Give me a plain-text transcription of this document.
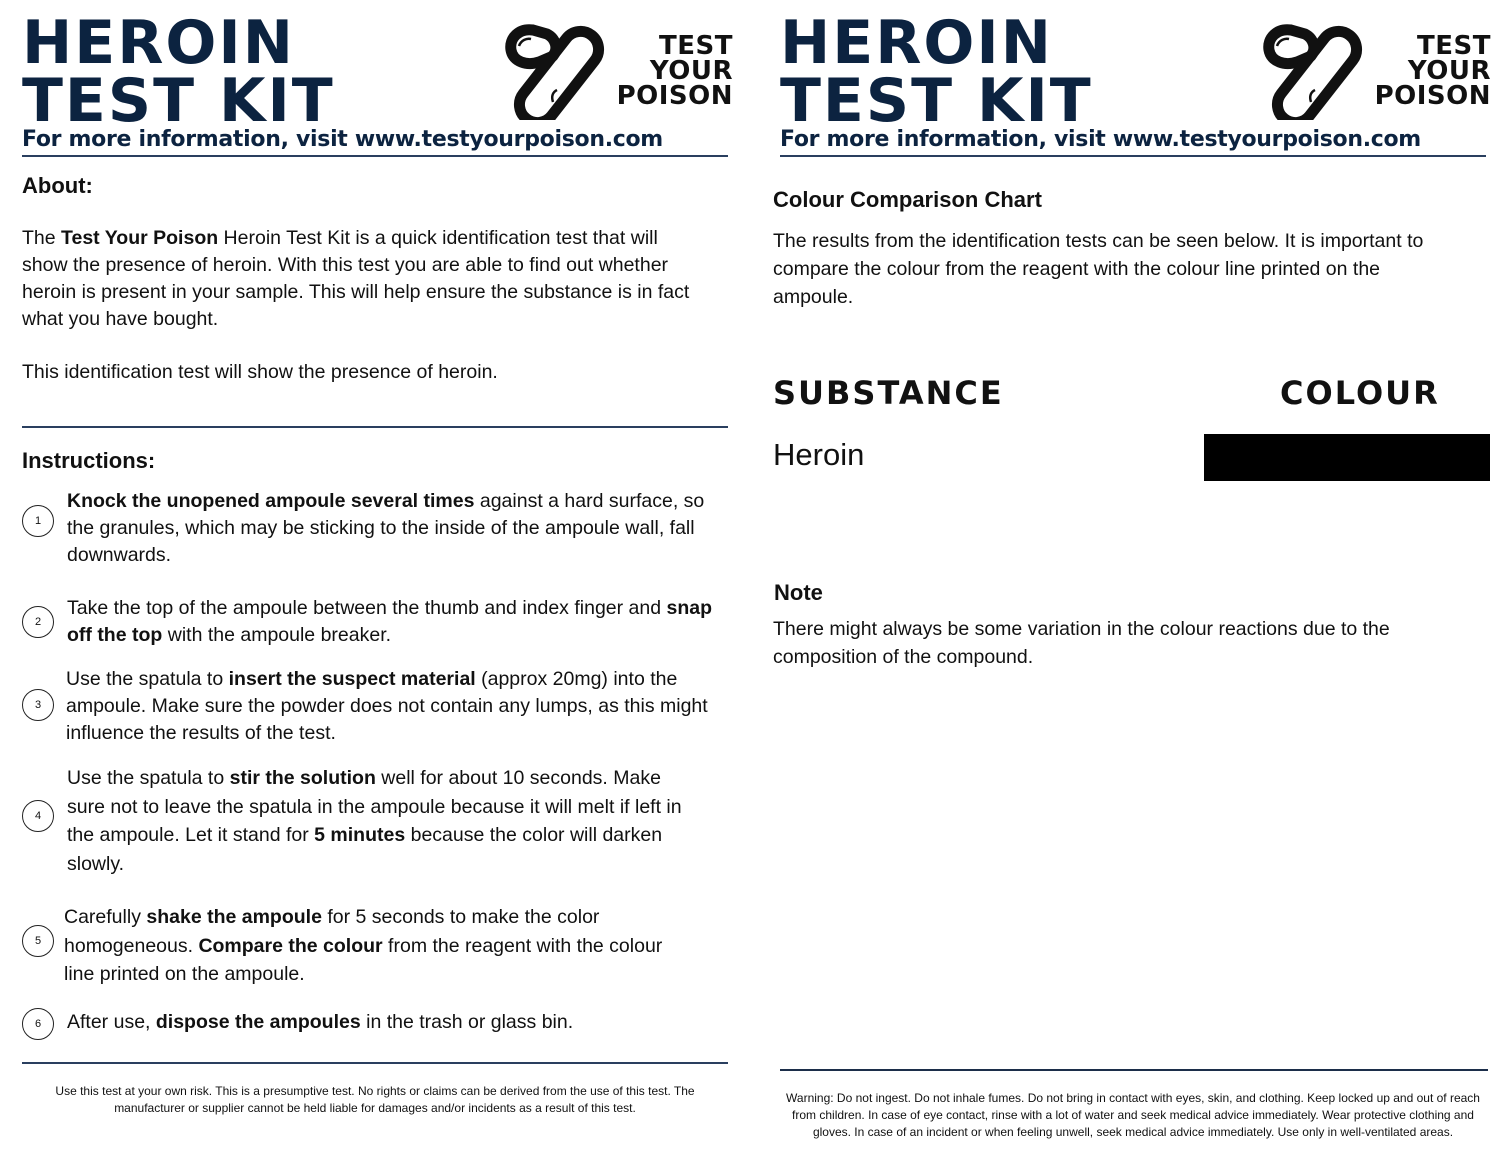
HEROIN
TEST KIT
TEST
YOUR
POISON
For more information, visit www.testyourpoison.com
About:
The Test Your Poison Heroin Test Kit is a quick identification test that will
show the presence of heroin. With this test you are able to find out whether
heroin is present in your sample. This will help ensure the substance is in fact
what you have bought.
This identification test will show the presence of heroin.
Instructions:
1
Knock the unopened ampoule several times against a hard surface, so
the granules, which may be sticking to the inside of the ampoule wall, fall
downwards.
2
Take the top of the ampoule between the thumb and index finger and snap
off the top with the ampoule breaker.
3
Use the spatula to insert the suspect material (approx 20mg) into the
ampoule. Make sure the powder does not contain any lumps, as this might
influence the results of the test.
4
Use the spatula to stir the solution well for about 10 seconds. Make
sure not to leave the spatula in the ampoule because it will melt if left in
the ampoule. Let it stand for 5 minutes because the color will darken
slowly.
5
Carefully shake the ampoule for 5 seconds to make the color
homogeneous. Compare the colour from the reagent with the colour
line printed on the ampoule.
6	After use, dispose the ampoules in the trash or glass bin.
Use this test at your own risk. This is a presumptive test. No rights or claims can be derived from the use of this test. The
manufacturer or supplier cannot be held liable for damages and/or incidents as a result of this test.
HEROIN
TEST KIT
TEST
YOUR
POISON
For more information, visit www.testyourpoison.com
Colour Comparison Chart
The results from the identification tests can be seen below. It is important to
compare the colour from the reagent with the colour line printed on the
ampoule.
SUBSTANCE	COLOUR
Heroin
Note
There might always be some variation in the colour reactions due to the
composition of the compound.
Warning: Do not ingest. Do not inhale fumes. Do not bring in contact with eyes, skin, and clothing. Keep locked up and out of reach
from children. In case of eye contact, rinse with a lot of water and seek medical advice immediately. Wear protective clothing and
gloves. In case of an incident or when feeling unwell, seek medical advice immediately. Use only in well-ventilated areas.
